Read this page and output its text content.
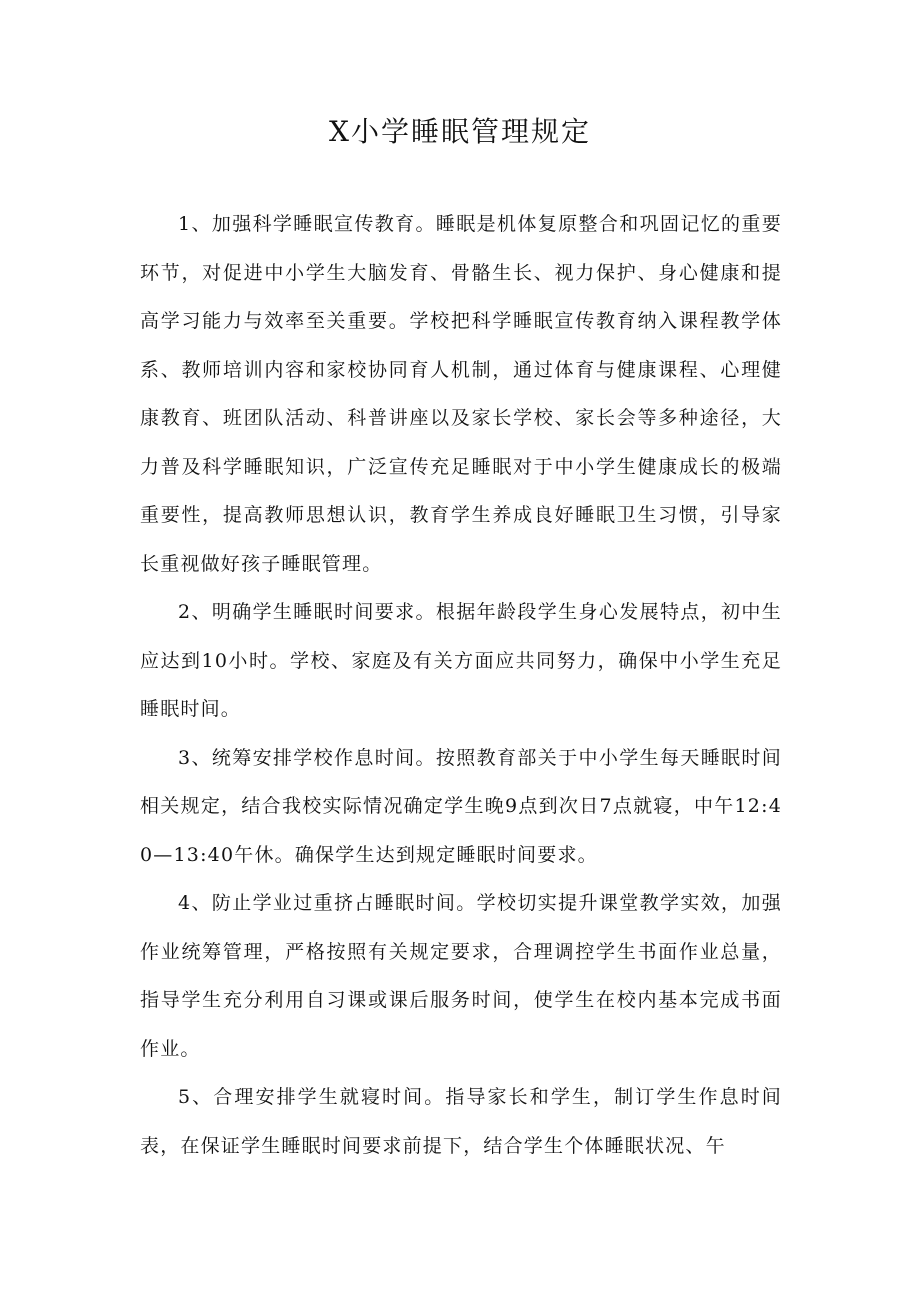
X小学睡眠管理规定

1、加强科学睡眠宣传教育。睡眠是机体复原整合和巩固记忆的重要环节，对促进中小学生大脑发育、骨骼生长、视力保护、身心健康和提高学习能力与效率至关重要。学校把科学睡眠宣传教育纳入课程教学体系、教师培训内容和家校协同育人机制，通过体育与健康课程、心理健康教育、班团队活动、科普讲座以及家长学校、家长会等多种途径，大力普及科学睡眠知识，广泛宣传充足睡眠对于中小学生健康成长的极端重要性，提高教师思想认识，教育学生养成良好睡眠卫生习惯，引导家长重视做好孩子睡眠管理。

2、明确学生睡眠时间要求。根据年龄段学生身心发展特点，初中生应达到10小时。学校、家庭及有关方面应共同努力，确保中小学生充足睡眠时间。

3、统筹安排学校作息时间。按照教育部关于中小学生每天睡眠时间相关规定，结合我校实际情况确定学生晚9点到次日7点就寝，中午12:40—13:40午休。确保学生达到规定睡眠时间要求。

4、防止学业过重挤占睡眠时间。学校切实提升课堂教学实效，加强作业统筹管理，严格按照有关规定要求，合理调控学生书面作业总量，指导学生充分利用自习课或课后服务时间，使学生在校内基本完成书面作业。

5、合理安排学生就寝时间。指导家长和学生，制订学生作息时间表，在保证学生睡眠时间要求前提下，结合学生个体睡眠状况、午
